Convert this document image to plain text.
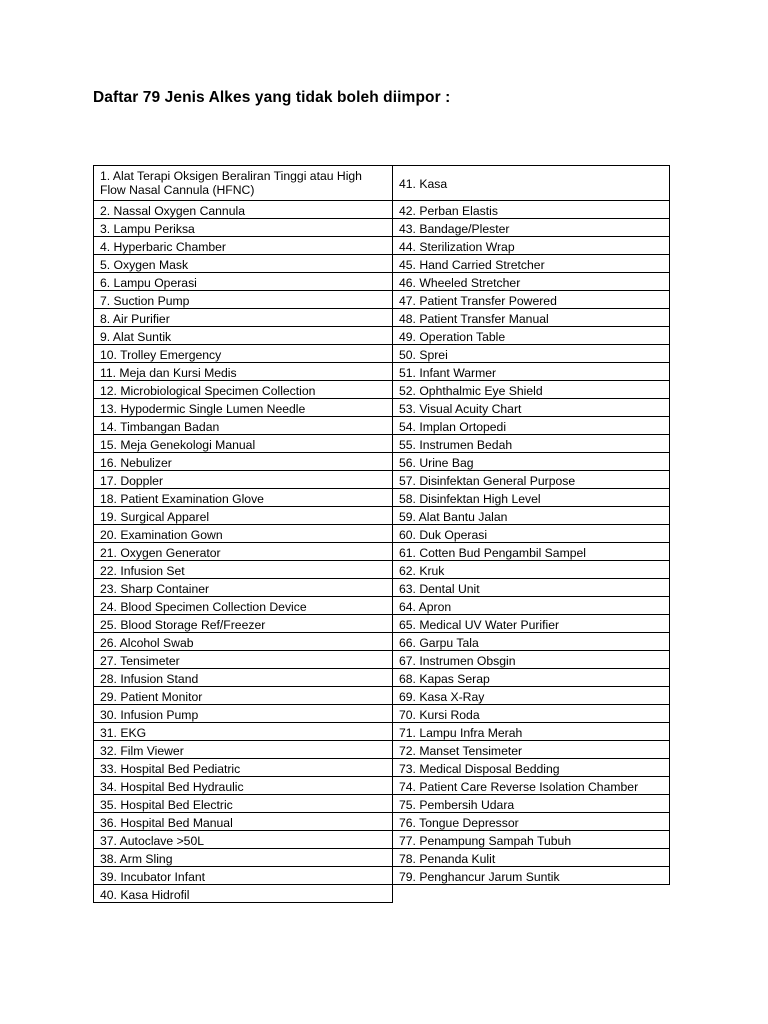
Daftar 79 Jenis Alkes yang tidak boleh diimpor :
1. Alat Terapi Oksigen Beraliran Tinggi atau High Flow Nasal Cannula (HFNC)	41. Kasa
2. Nassal Oxygen Cannula	42. Perban Elastis
3. Lampu Periksa	43. Bandage/Plester
4. Hyperbaric Chamber	44. Sterilization Wrap
5. Oxygen Mask	45. Hand Carried Stretcher
6. Lampu Operasi	46. Wheeled Stretcher
7. Suction Pump	47. Patient Transfer Powered
8. Air Purifier	48. Patient Transfer Manual
9. Alat Suntik	49. Operation Table
10. Trolley Emergency	50. Sprei
11. Meja dan Kursi Medis	51. Infant Warmer
12. Microbiological Specimen Collection	52. Ophthalmic Eye Shield
13. Hypodermic Single Lumen Needle	53. Visual Acuity Chart
14. Timbangan Badan	54. Implan Ortopedi
15. Meja Genekologi Manual	55. Instrumen Bedah
16. Nebulizer	56. Urine Bag
17. Doppler	57. Disinfektan General Purpose
18. Patient Examination Glove	58. Disinfektan High Level
19. Surgical Apparel	59. Alat Bantu Jalan
20. Examination Gown	60. Duk Operasi
21. Oxygen Generator	61. Cotten Bud Pengambil Sampel
22. Infusion Set	62. Kruk
23. Sharp Container	63. Dental Unit
24. Blood Specimen Collection Device	64. Apron
25. Blood Storage Ref/Freezer	65. Medical UV Water Purifier
26. Alcohol Swab	66. Garpu Tala
27. Tensimeter	67. Instrumen Obsgin
28. Infusion Stand	68. Kapas Serap
29. Patient Monitor	69. Kasa X-Ray
30. Infusion Pump	70. Kursi Roda
31. EKG	71. Lampu Infra Merah
32. Film Viewer	72. Manset Tensimeter
33. Hospital Bed Pediatric	73. Medical Disposal Bedding
34. Hospital Bed Hydraulic	74. Patient Care Reverse Isolation Chamber
35. Hospital Bed Electric	75. Pembersih Udara
36. Hospital Bed Manual	76. Tongue Depressor
37. Autoclave >50L	77. Penampung Sampah Tubuh
38. Arm Sling	78. Penanda Kulit
39. Incubator Infant	79. Penghancur Jarum Suntik
40. Kasa Hidrofil	
